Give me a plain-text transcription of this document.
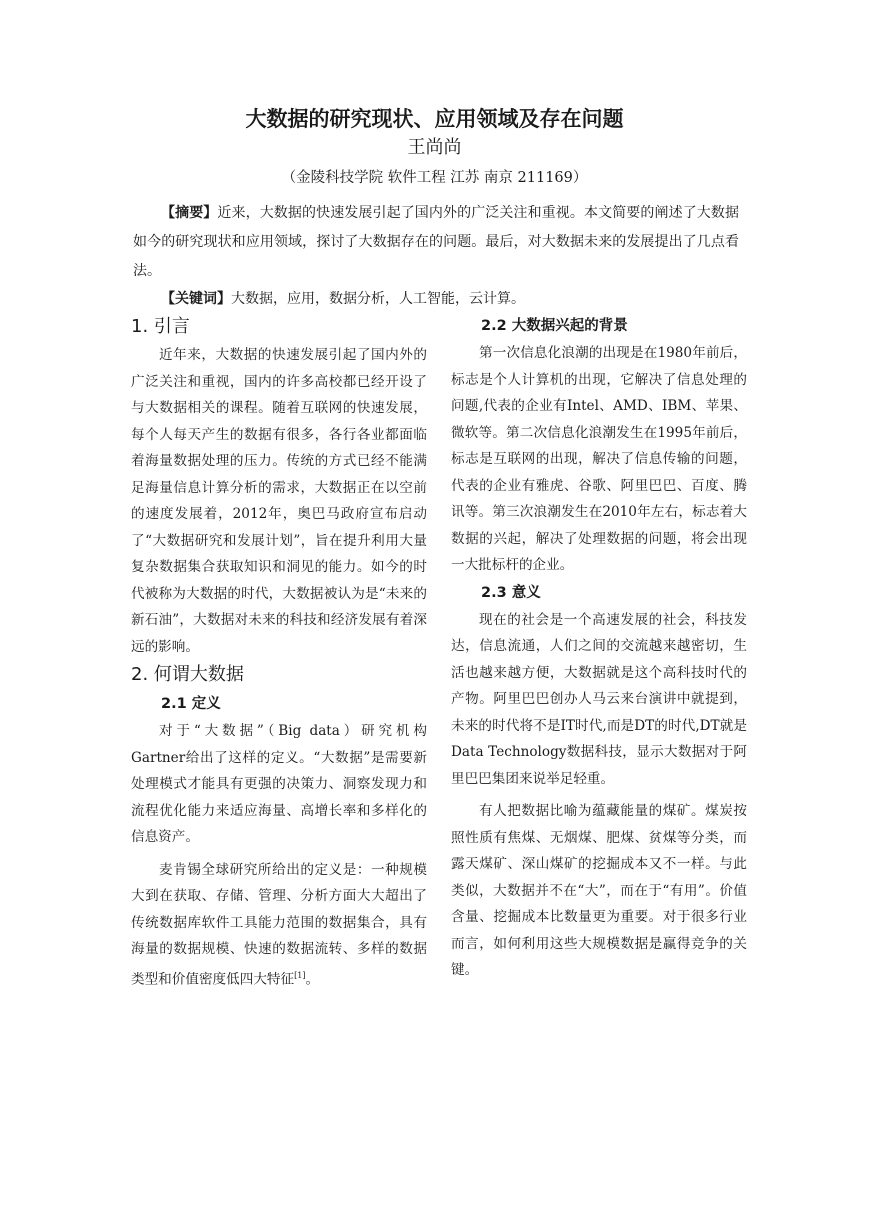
大数据的研究现状、应用领域及存在问题
王尚尚
（金陵科技学院 软件工程 江苏 南京 211169）

【摘要】近来，大数据的快速发展引起了国内外的广泛关注和重视。本文简要的阐述了大数据如今的研究现状和应用领域，探讨了大数据存在的问题。最后，对大数据未来的发展提出了几点看法。

【关键词】大数据，应用，数据分析，人工智能，云计算。

1. 引言

近年来，大数据的快速发展引起了国内外的广泛关注和重视，国内的许多高校都已经开设了与大数据相关的课程。随着互联网的快速发展，每个人每天产生的数据有很多，各行各业都面临着海量数据处理的压力。传统的方式已经不能满足海量信息计算分析的需求，大数据正在以空前的速度发展着，2012年，奥巴马政府宣布启动了“大数据研究和发展计划”，旨在提升利用大量复杂数据集合获取知识和洞见的能力。如今的时代被称为大数据的时代，大数据被认为是“未来的新石油”，大数据对未来的科技和经济发展有着深远的影响。

2. 何谓大数据
2.1 定义

对于“大数据”（Big data）研究机构Gartner给出了这样的定义。“大数据”是需要新处理模式才能具有更强的决策力、洞察发现力和流程优化能力来适应海量、高增长率和多样化的信息资产。

麦肯锡全球研究所给出的定义是：一种规模大到在获取、存储、管理、分析方面大大超出了传统数据库软件工具能力范围的数据集合，具有海量的数据规模、快速的数据流转、多样的数据类型和价值密度低四大特征[1]。

2.2 大数据兴起的背景

第一次信息化浪潮的出现是在1980年前后，标志是个人计算机的出现，它解决了信息处理的问题,代表的企业有Intel、AMD、IBM、苹果、微软等。第二次信息化浪潮发生在1995年前后，标志是互联网的出现，解决了信息传输的问题，代表的企业有雅虎、谷歌、阿里巴巴、百度、腾讯等。第三次浪潮发生在2010年左右，标志着大数据的兴起，解决了处理数据的问题，将会出现一大批标杆的企业。

2.3 意义

现在的社会是一个高速发展的社会，科技发达，信息流通，人们之间的交流越来越密切，生活也越来越方便，大数据就是这个高科技时代的产物。阿里巴巴创办人马云来台演讲中就提到，未来的时代将不是IT时代,而是DT的时代,DT就是Data Technology数据科技，显示大数据对于阿里巴巴集团来说举足轻重。

有人把数据比喻为蕴藏能量的煤矿。煤炭按照性质有焦煤、无烟煤、肥煤、贫煤等分类，而露天煤矿、深山煤矿的挖掘成本又不一样。与此类似，大数据并不在“大”，而在于“有用”。价值含量、挖掘成本比数量更为重要。对于很多行业而言，如何利用这些大规模数据是赢得竞争的关键。
